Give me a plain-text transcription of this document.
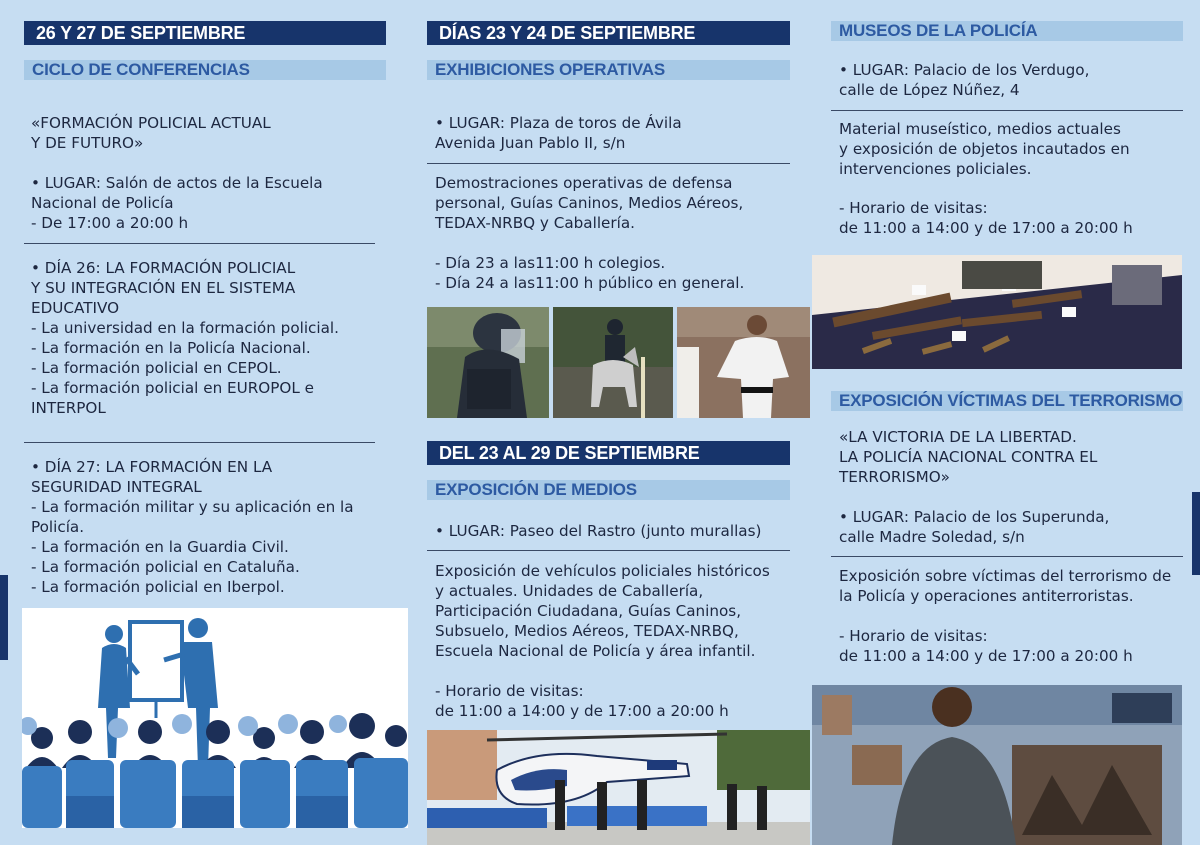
26 Y 27 DE SEPTIEMBRE
CICLO DE CONFERENCIAS
«FORMACIÓN POLICIAL ACTUAL
Y DE FUTURO»
• LUGAR: Salón de actos de la Escuela
Nacional de Policía
- De 17:00 a 20:00 h
• DÍA 26: LA FORMACIÓN POLICIAL
Y SU INTEGRACIÓN EN EL SISTEMA
EDUCATIVO
- La universidad en la formación policial.
- La formación en la Policía Nacional.
- La formación policial en CEPOL.
- La formación policial en EUROPOL e
INTERPOL
• DÍA 27: LA FORMACIÓN EN LA
SEGURIDAD INTEGRAL
- La formación militar y su aplicación en la
Policía.
- La formación en la Guardia Civil.
- La formación policial en Cataluña.
- La formación policial en Iberpol.
DÍAS 23 Y 24 DE SEPTIEMBRE
EXHIBICIONES OPERATIVAS
• LUGAR: Plaza de toros de Ávila
Avenida Juan Pablo II, s/n
Demostraciones operativas de defensa
personal, Guías Caninos, Medios Aéreos,
TEDAX-NRBQ y Caballería.
- Día 23 a las11:00 h colegios.
- Día 24 a las11:00 h público en general.
DEL 23 AL 29 DE SEPTIEMBRE
EXPOSICIÓN DE MEDIOS
• LUGAR: Paseo del Rastro (junto murallas)
Exposición de vehículos policiales históricos
y actuales. Unidades de Caballería,
Participación Ciudadana, Guías Caninos,
Subsuelo, Medios Aéreos, TEDAX-NRBQ,
Escuela Nacional de Policía y área infantil.
- Horario de visitas:
de 11:00 a 14:00 y de 17:00 a 20:00 h
MUSEOS DE LA POLICÍA
• LUGAR: Palacio de los Verdugo,
calle de López Núñez, 4
Material museístico, medios actuales
y exposición de objetos incautados en
intervenciones policiales.
- Horario de visitas:
de 11:00 a 14:00 y de 17:00 a 20:00 h
EXPOSICIÓN VÍCTIMAS DEL TERRORISMO
«LA VICTORIA DE LA LIBERTAD.
LA POLICÍA NACIONAL CONTRA EL
TERRORISMO»
• LUGAR: Palacio de los Superunda,
calle Madre Soledad, s/n
Exposición sobre víctimas del terrorismo de
la Policía y operaciones antiterroristas.
- Horario de visitas:
de 11:00 a 14:00 y de 17:00 a 20:00 h
